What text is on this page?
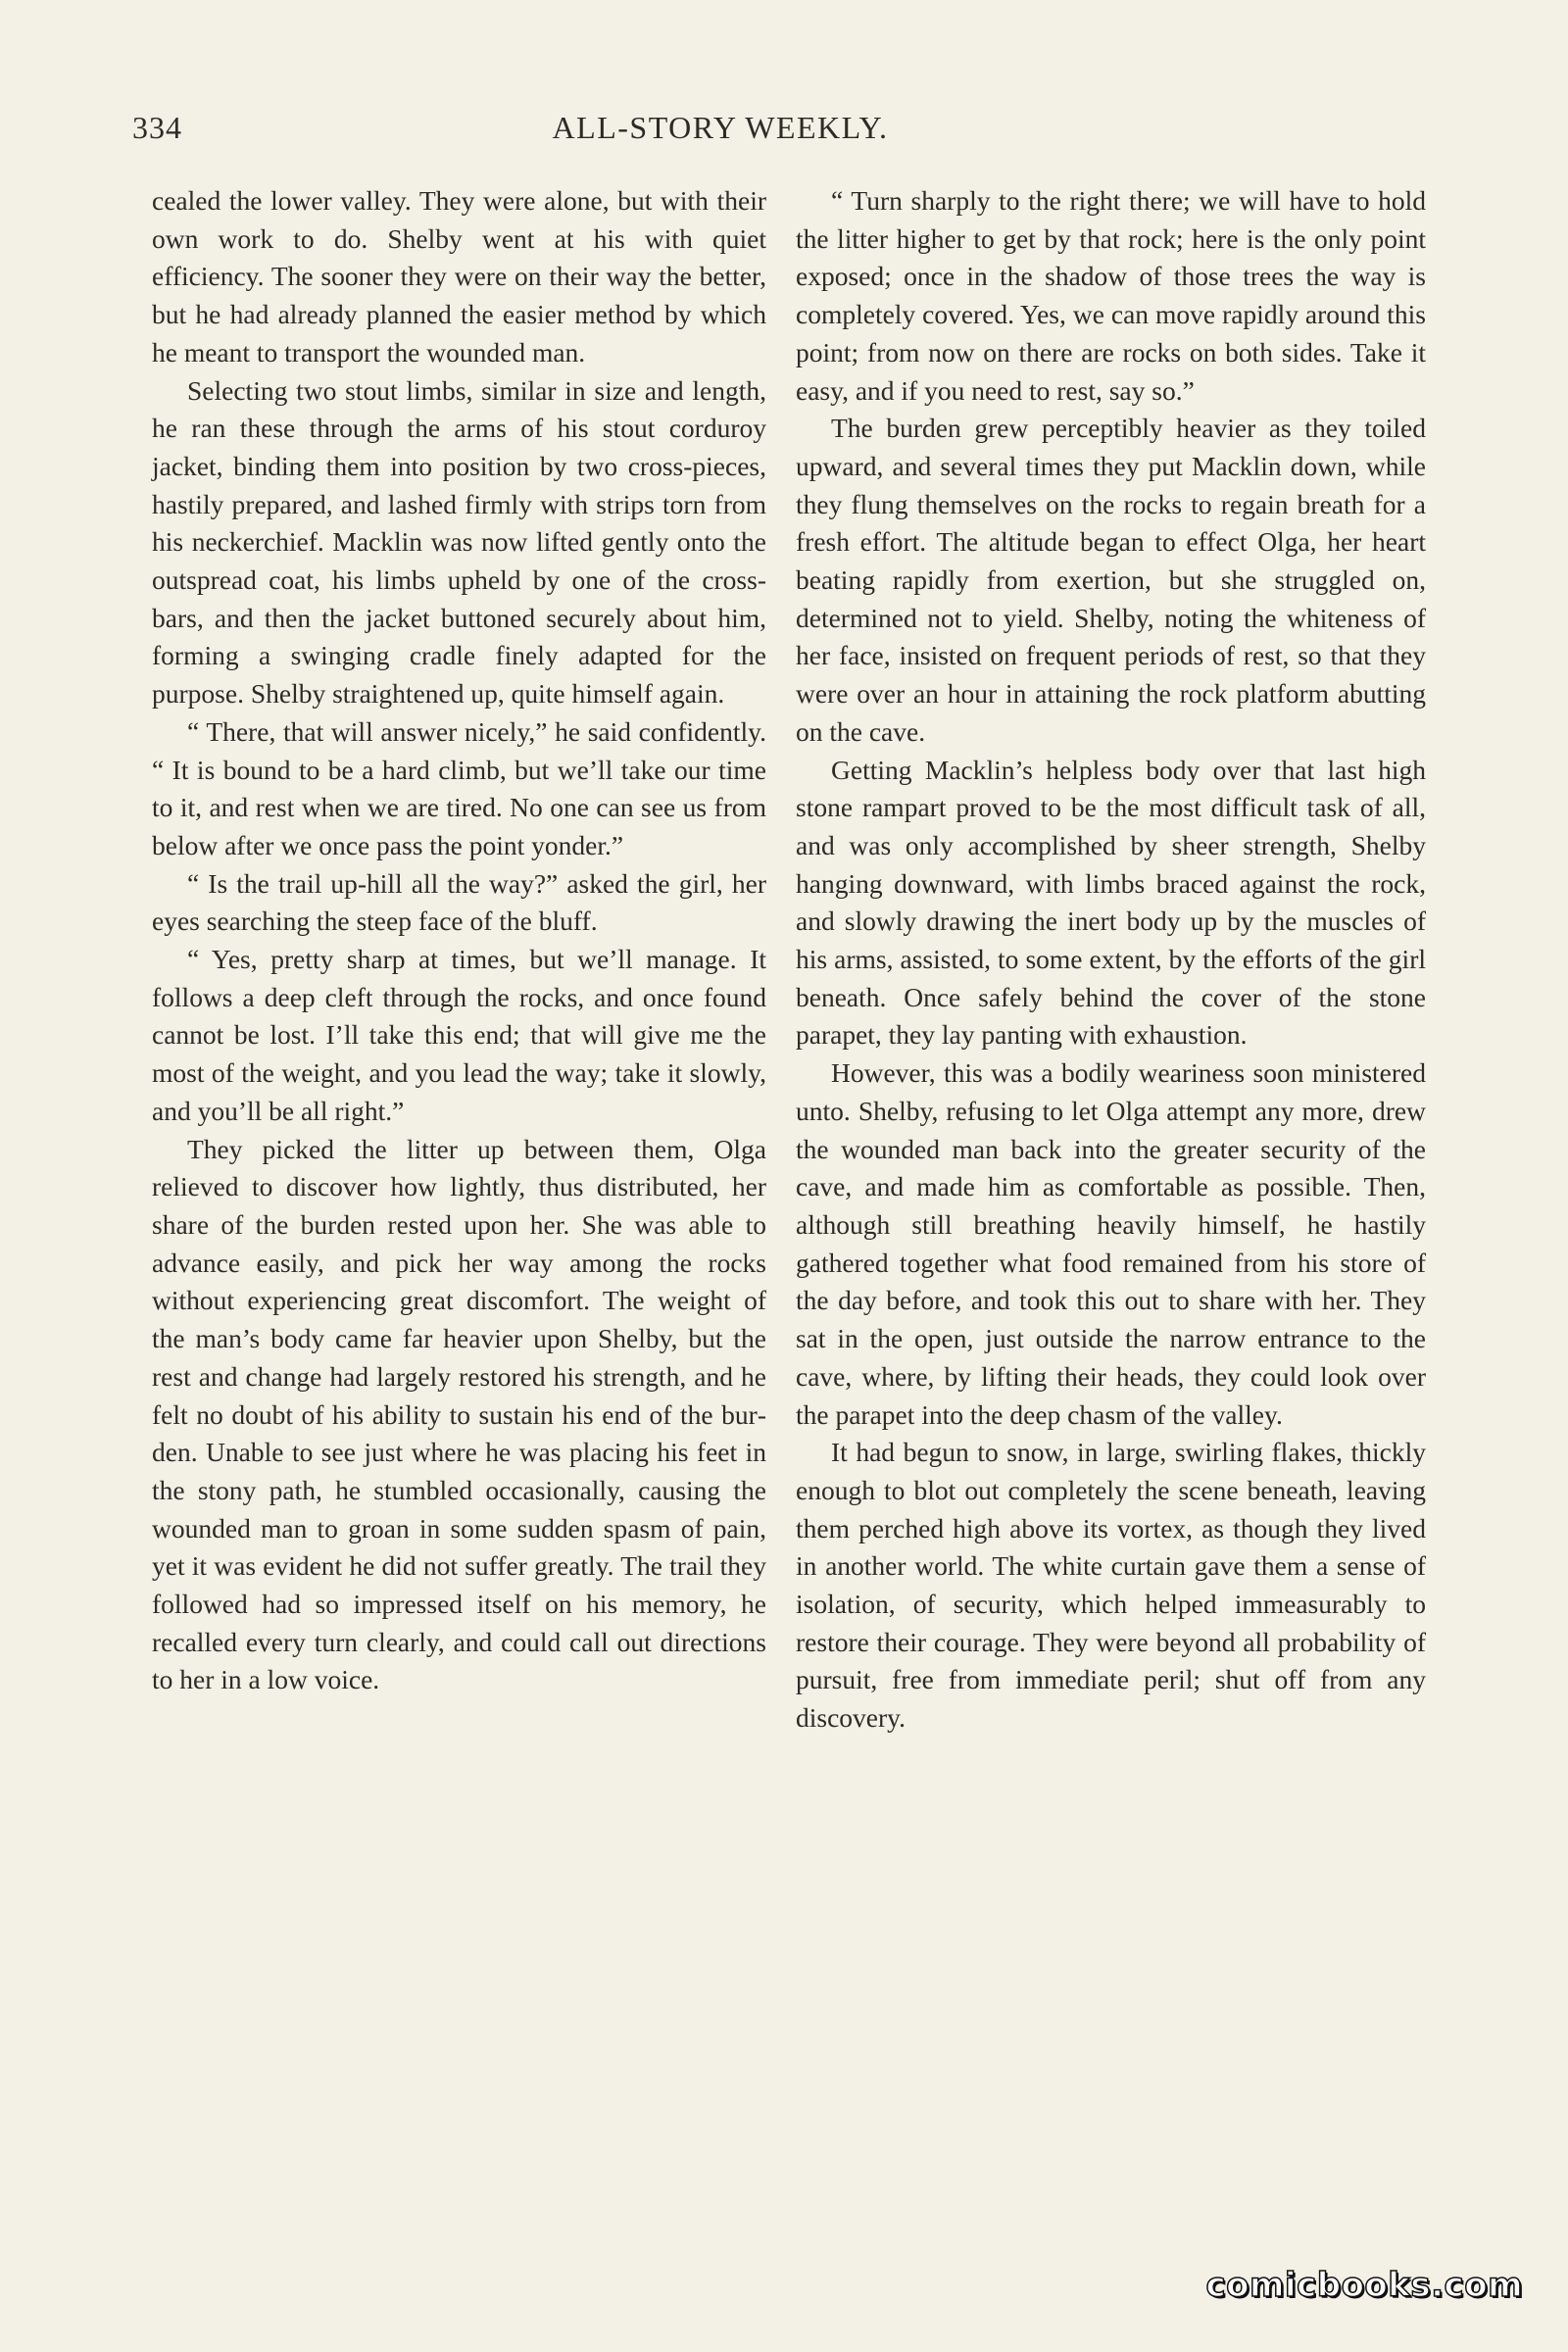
334	ALL-STORY WEEKLY.

cealed the lower valley. They were alone, but with their own work to do. Shelby went at his with quiet efficiency. The sooner they were on their way the better, but he had already planned the easier method by which he meant to transport the wounded man.

Selecting two stout limbs, similar in size and length, he ran these through the arms of his stout corduroy jacket, binding them into position by two cross-pieces, hastily prepared, and lashed firmly with strips torn from his neckerchief. Macklin was now lifted gently onto the outspread coat, his limbs upheld by one of the cross-bars, and then the jacket buttoned securely about him, forming a swinging cradle finely adapted for the purpose. Shelby straightened up, quite himself again.

“ There, that will answer nicely,” he said confidently. “ It is bound to be a hard climb, but we’ll take our time to it, and rest when we are tired. No one can see us from below after we once pass the point yonder.”

“ Is the trail up-hill all the way?” asked the girl, her eyes searching the steep face of the bluff.

“ Yes, pretty sharp at times, but we’ll manage. It follows a deep cleft through the rocks, and once found cannot be lost. I’ll take this end; that will give me the most of the weight, and you lead the way; take it slowly, and you’ll be all right.”

They picked the litter up between them, Olga relieved to discover how lightly, thus distributed, her share of the burden rested upon her. She was able to advance easily, and pick her way among the rocks without experiencing great discomfort. The weight of the man’s body came far heavier upon Shelby, but the rest and change had largely restored his strength, and he felt no doubt of his ability to sustain his end of the burden. Unable to see just where he was placing his feet in the stony path, he stumbled occasionally, causing the wounded man to groan in some sudden spasm of pain, yet it was evident he did not suffer greatly. The trail they followed had so impressed itself on his memory, he recalled every turn clearly, and could call out directions to her in a low voice.

“ Turn sharply to the right there; we will have to hold the litter higher to get by that rock; here is the only point exposed; once in the shadow of those trees the way is completely covered. Yes, we can move rapidly around this point; from now on there are rocks on both sides. Take it easy, and if you need to rest, say so.”

The burden grew perceptibly heavier as they toiled upward, and several times they put Macklin down, while they flung themselves on the rocks to regain breath for a fresh effort. The altitude began to effect Olga, her heart beating rapidly from exertion, but she struggled on, determined not to yield. Shelby, noting the whiteness of her face, insisted on frequent periods of rest, so that they were over an hour in attaining the rock platform abutting on the cave.

Getting Macklin’s helpless body over that last high stone rampart proved to be the most difficult task of all, and was only accomplished by sheer strength, Shelby hanging downward, with limbs braced against the rock, and slowly drawing the inert body up by the muscles of his arms, assisted, to some extent, by the efforts of the girl beneath. Once safely behind the cover of the stone parapet, they lay panting with exhaustion.

However, this was a bodily weariness soon ministered unto. Shelby, refusing to let Olga attempt any more, drew the wounded man back into the greater security of the cave, and made him as comfortable as possible. Then, although still breathing heavily himself, he hastily gathered together what food remained from his store of the day before, and took this out to share with her. They sat in the open, just outside the narrow entrance to the cave, where, by lifting their heads, they could look over the parapet into the deep chasm of the valley.

It had begun to snow, in large, swirling flakes, thickly enough to blot out completely the scene beneath, leaving them perched high above its vortex, as though they lived in another world. The white curtain gave them a sense of isolation, of security, which helped immeasurably to restore their courage. They were beyond all probability of pursuit, free from immediate peril; shut off from any discovery.

comicbooks.com
